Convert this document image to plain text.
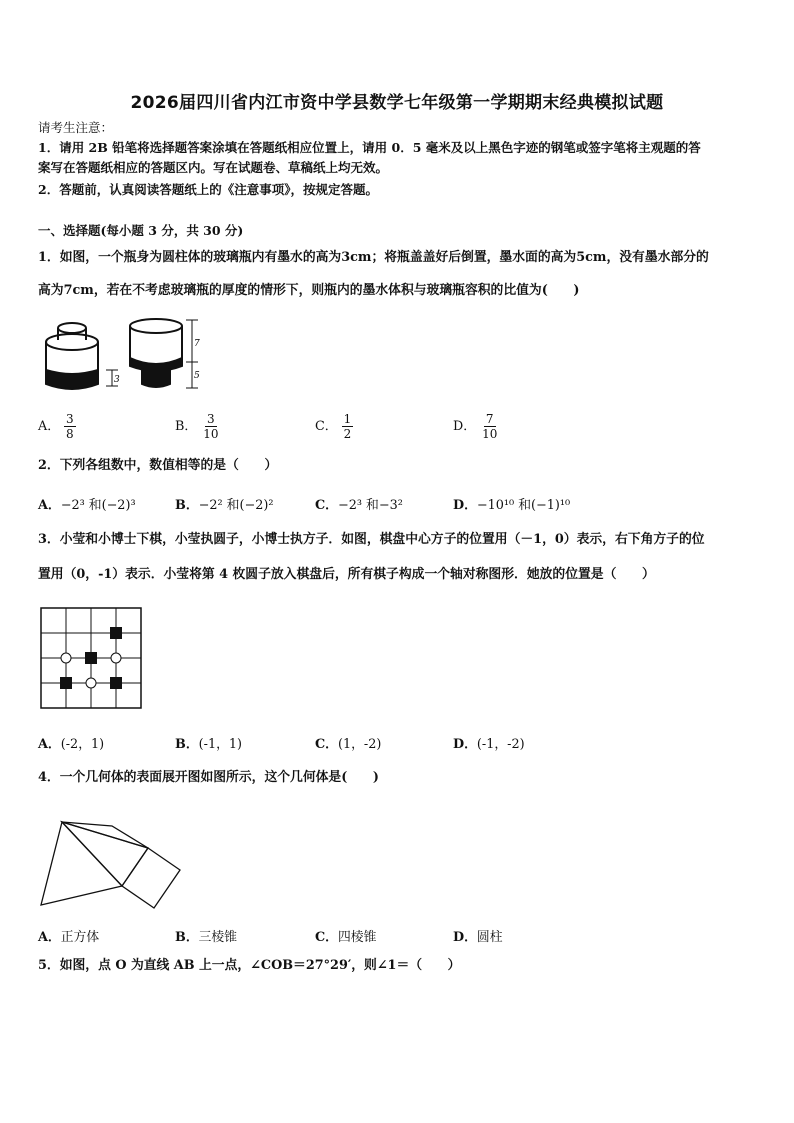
2026届四川省内江市资中学县数学七年级第一学期期末经典模拟试题
请考生注意：
1．请用 2B 铅笔将选择题答案涂填在答题纸相应位置上，请用 0．5 毫米及以上黑色字迹的钢笔或签字笔将主观题的答
案写在答题纸相应的答题区内。写在试题卷、草稿纸上均无效。
2．答题前，认真阅读答题纸上的《注意事项》，按规定答题。
一、选择题(每小题 3 分，共 30 分)
1．如图，一个瓶身为圆柱体的玻璃瓶内有墨水的高为3cm；将瓶盖盖好后倒置，墨水面的高为5cm，没有墨水部分的
高为7cm，若在不考虑玻璃瓶的厚度的情形下，则瓶内的墨水体积与玻璃瓶容积的比值为(　　)
3
7
5
A． $\frac{3}{8}$	B． $\frac{3}{10}$	C． $\frac{1}{2}$	D． $\frac{7}{10}$
2．下列各组数中，数值相等的是（　　）
A．−2³ 和(−2)³	B．−2² 和(−2)²	C．−2³ 和−3²	D．−10¹⁰ 和(−1)¹⁰
3．小莹和小博士下棋，小莹执圆子，小博士执方子．如图，棋盘中心方子的位置用（－1，0）表示，右下角方子的位
置用（0，-1）表示．小莹将第 4 枚圆子放入棋盘后，所有棋子构成一个轴对称图形．她放的位置是（　　）
A．(-2，1)	B．(-1，1)	C．(1，-2)	D．(-1，-2)
4．一个几何体的表面展开图如图所示，这个几何体是(　　)
A．正方体	B．三棱锥	C．四棱锥	D．圆柱
5．如图，点 O 为直线 AB 上一点，∠COB＝27°29′，则∠1＝（　　）
